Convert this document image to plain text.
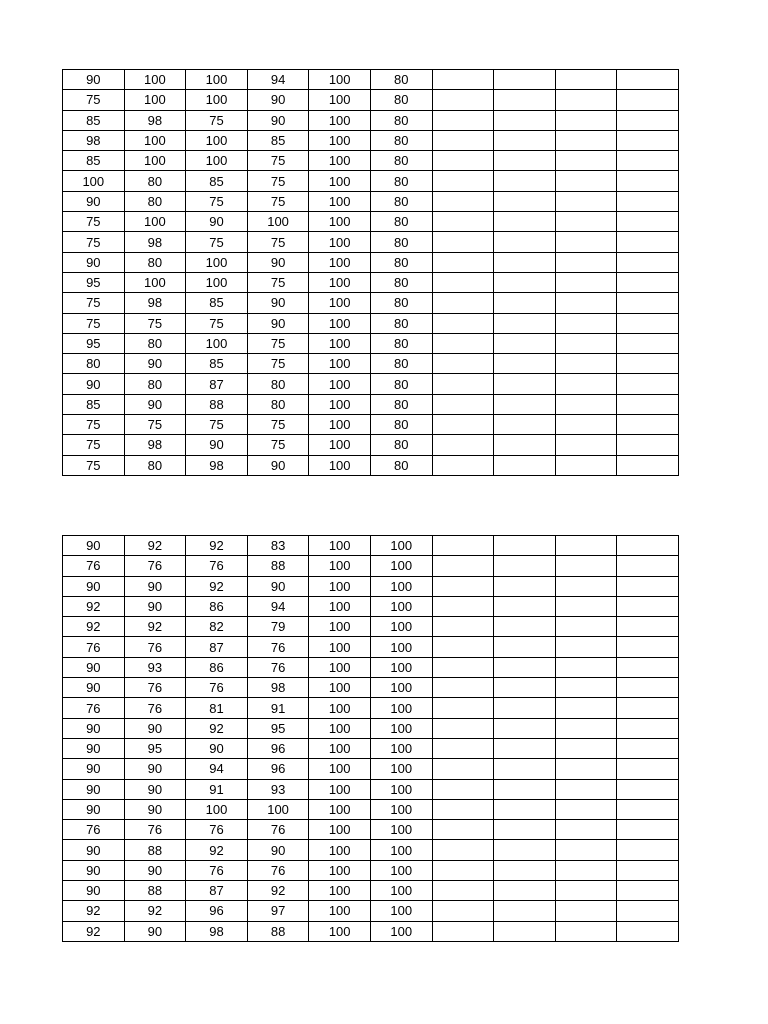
90	100	100	94	100	80				
75	100	100	90	100	80				
85	98	75	90	100	80				
98	100	100	85	100	80				
85	100	100	75	100	80				
100	80	85	75	100	80				
90	80	75	75	100	80				
75	100	90	100	100	80				
75	98	75	75	100	80				
90	80	100	90	100	80				
95	100	100	75	100	80				
75	98	85	90	100	80				
75	75	75	90	100	80				
95	80	100	75	100	80				
80	90	85	75	100	80				
90	80	87	80	100	80				
85	90	88	80	100	80				
75	75	75	75	100	80				
75	98	90	75	100	80				
75	80	98	90	100	80				
90	92	92	83	100	100				
76	76	76	88	100	100				
90	90	92	90	100	100				
92	90	86	94	100	100				
92	92	82	79	100	100				
76	76	87	76	100	100				
90	93	86	76	100	100				
90	76	76	98	100	100				
76	76	81	91	100	100				
90	90	92	95	100	100				
90	95	90	96	100	100				
90	90	94	96	100	100				
90	90	91	93	100	100				
90	90	100	100	100	100				
76	76	76	76	100	100				
90	88	92	90	100	100				
90	90	76	76	100	100				
90	88	87	92	100	100				
92	92	96	97	100	100				
92	90	98	88	100	100				
